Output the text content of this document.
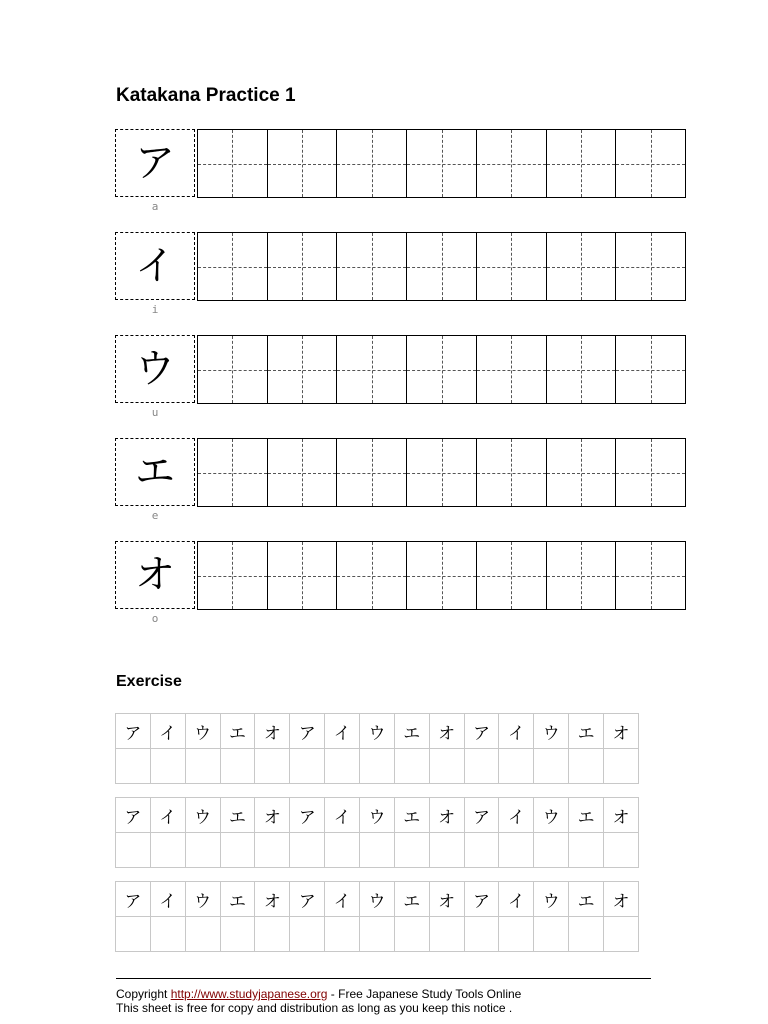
Katakana Practice 1
ア
a
イ
i
ウ
u
エ
e
オ
o
Exercise
ア	イ	ウ	エ	オ	ア	イ	ウ	エ	オ	ア	イ	ウ	エ	オ

ア	イ	ウ	エ	オ	ア	イ	ウ	エ	オ	ア	イ	ウ	エ	オ

ア	イ	ウ	エ	オ	ア	イ	ウ	エ	オ	ア	イ	ウ	エ	オ

Copyright http://www.studyjapanese.org - Free Japanese Study Tools Online
This sheet is free for copy and distribution as long as you keep this notice .
